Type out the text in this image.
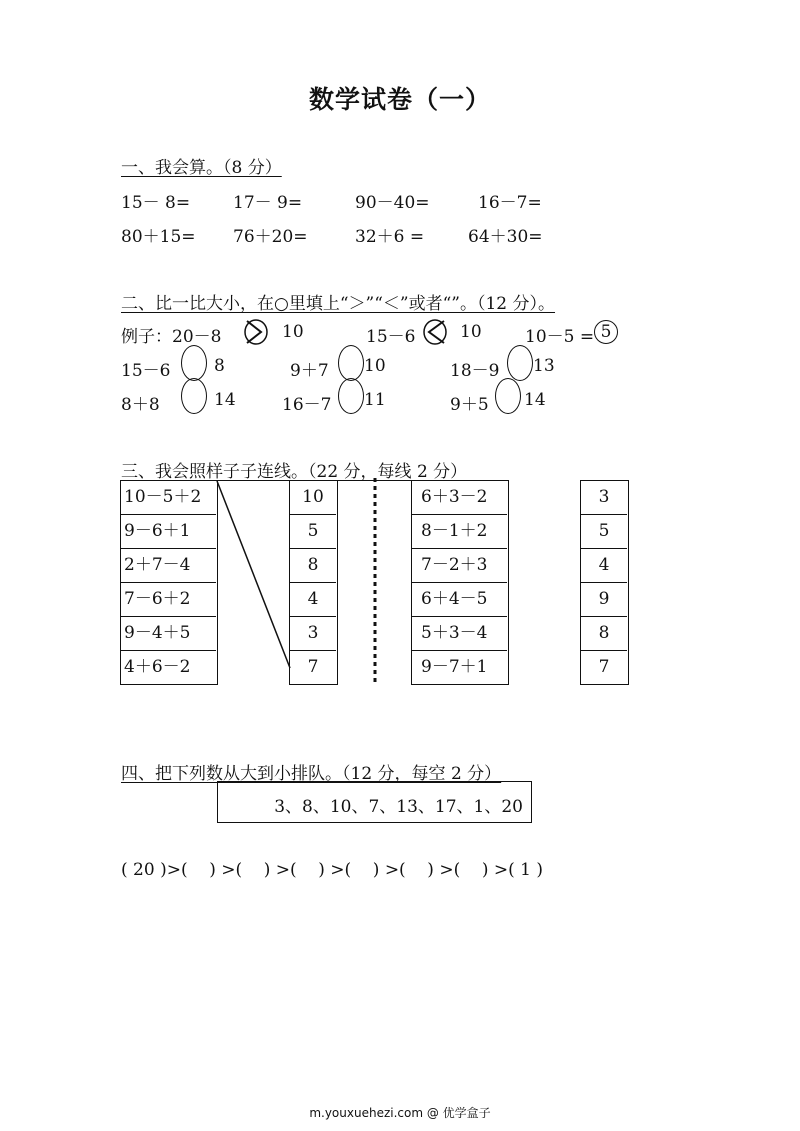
数学试卷（一）
一、我会算。（8 分）
15－ 8=	17－ 9=	90－40=	16－7=
80＋15= 76＋20=	32＋6 =	64＋30=
二、比一比大小，在○里填上“＞”“＜”或者“”。（12 分）。
例子：20－8	10	15－6	10	10－5 = 5
15－6	8	9＋7 10	18－9 13
8＋8	14	16－7 11	9＋5 14
三、我会照样子子连线。（22 分，每线 2 分）
10－5＋2
9－6＋1
2＋7－4
7－6＋2
9－4＋5
4＋6－2
10
5
8
4
3
7
6＋3－2
8－1＋2
7－2＋3
6＋4－5
5＋3－4
9－7＋1
3
5
4
9
8
7
四、把下列数从大到小排队。（12 分，每空 2 分）
3、8、10、7、13、17、1、20
( 20 )>(    ) >(    ) >(    ) >(    ) >(    ) >(    ) >( 1 )
m.youxuehezi.com @ 优学盒子
